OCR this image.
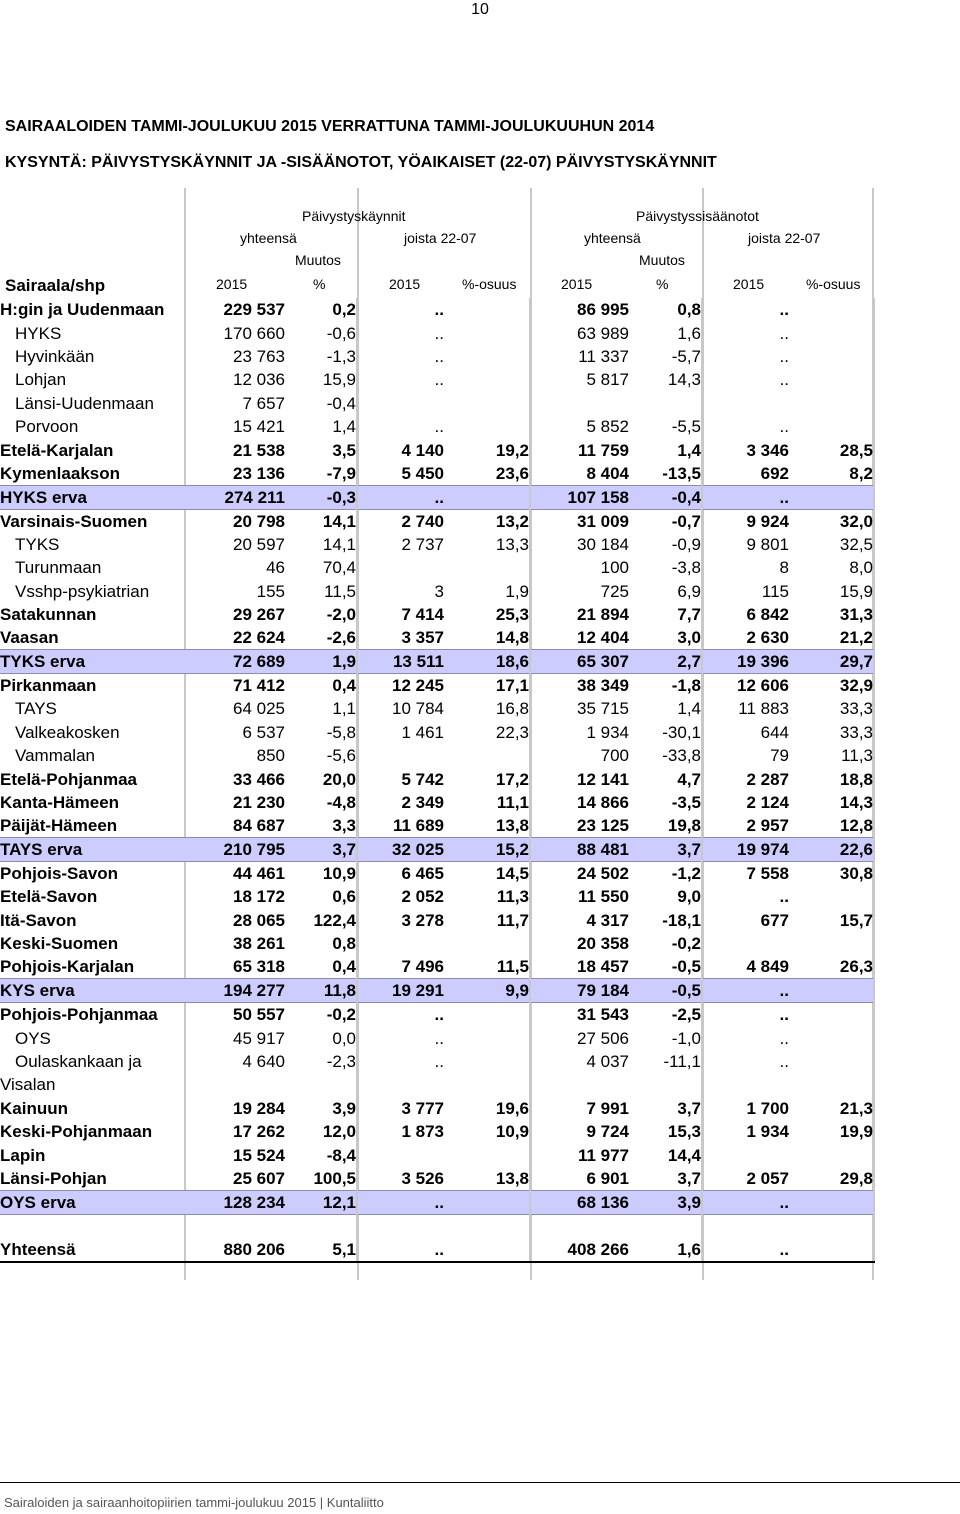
10
SAIRAALOIDEN TAMMI-JOULUKUU 2015 VERRATTUNA TAMMI-JOULUKUUHUN 2014
KYSYNTÄ: PÄIVYSTYSKÄYNNIT JA -SISÄÄNOTOT, YÖAIKAISET (22-07) PÄIVYSTYSKÄYNNIT
Päivystyskäynnit	Päivystyssisäänotot
yhteensä	joista 22-07	yhteensä	joista 22-07
Muutos	Muutos
Sairaala/shp	2015	%	2015	%-osuus	2015	%	2015	%-osuus
H:gin ja Uudenmaan	229 537	0,2	..		86 995	0,8	..	
HYKS	170 660	-0,6	..		63 989	1,6	..	
Hyvinkään	23 763	-1,3	..		11 337	-5,7	..	
Lohjan	12 036	15,9	..		5 817	14,3	..	
Länsi-Uudenmaan	7 657	-0,4						
Porvoon	15 421	1,4	..		5 852	-5,5	..	
Etelä-Karjalan	21 538	3,5	4 140	19,2	11 759	1,4	3 346	28,5
Kymenlaakson	23 136	-7,9	5 450	23,6	8 404	-13,5	692	8,2
HYKS erva	274 211	-0,3	..		107 158	-0,4	..	
Varsinais-Suomen	20 798	14,1	2 740	13,2	31 009	-0,7	9 924	32,0
TYKS	20 597	14,1	2 737	13,3	30 184	-0,9	9 801	32,5
Turunmaan	46	70,4			100	-3,8	8	8,0
Vsshp-psykiatrian	155	11,5	3	1,9	725	6,9	115	15,9
Satakunnan	29 267	-2,0	7 414	25,3	21 894	7,7	6 842	31,3
Vaasan	22 624	-2,6	3 357	14,8	12 404	3,0	2 630	21,2
TYKS erva	72 689	1,9	13 511	18,6	65 307	2,7	19 396	29,7
Pirkanmaan	71 412	0,4	12 245	17,1	38 349	-1,8	12 606	32,9
TAYS	64 025	1,1	10 784	16,8	35 715	1,4	11 883	33,3
Valkeakosken	6 537	-5,8	1 461	22,3	1 934	-30,1	644	33,3
Vammalan	850	-5,6			700	-33,8	79	11,3
Etelä-Pohjanmaa	33 466	20,0	5 742	17,2	12 141	4,7	2 287	18,8
Kanta-Hämeen	21 230	-4,8	2 349	11,1	14 866	-3,5	2 124	14,3
Päijät-Hämeen	84 687	3,3	11 689	13,8	23 125	19,8	2 957	12,8
TAYS erva	210 795	3,7	32 025	15,2	88 481	3,7	19 974	22,6
Pohjois-Savon	44 461	10,9	6 465	14,5	24 502	-1,2	7 558	30,8
Etelä-Savon	18 172	0,6	2 052	11,3	11 550	9,0	..	
Itä-Savon	28 065	122,4	3 278	11,7	4 317	-18,1	677	15,7
Keski-Suomen	38 261	0,8			20 358	-0,2		
Pohjois-Karjalan	65 318	0,4	7 496	11,5	18 457	-0,5	4 849	26,3
KYS erva	194 277	11,8	19 291	9,9	79 184	-0,5	..	
Pohjois-Pohjanmaa	50 557	-0,2	..		31 543	-2,5	..	
OYS	45 917	0,0	..		27 506	-1,0	..	
Oulaskankaan ja	4 640	-2,3	..		4 037	-11,1	..	
Visalan								
Kainuun	19 284	3,9	3 777	19,6	7 991	3,7	1 700	21,3
Keski-Pohjanmaan	17 262	12,0	1 873	10,9	9 724	15,3	1 934	19,9
Lapin	15 524	-8,4			11 977	14,4		
Länsi-Pohjan	25 607	100,5	3 526	13,8	6 901	3,7	2 057	29,8
OYS erva	128 234	12,1	..		68 136	3,9	..	

Yhteensä	880 206	5,1	..		408 266	1,6	..	
Sairaloiden ja sairaanhoitopiirien tammi-joulukuu 2015 | Kuntaliitto
